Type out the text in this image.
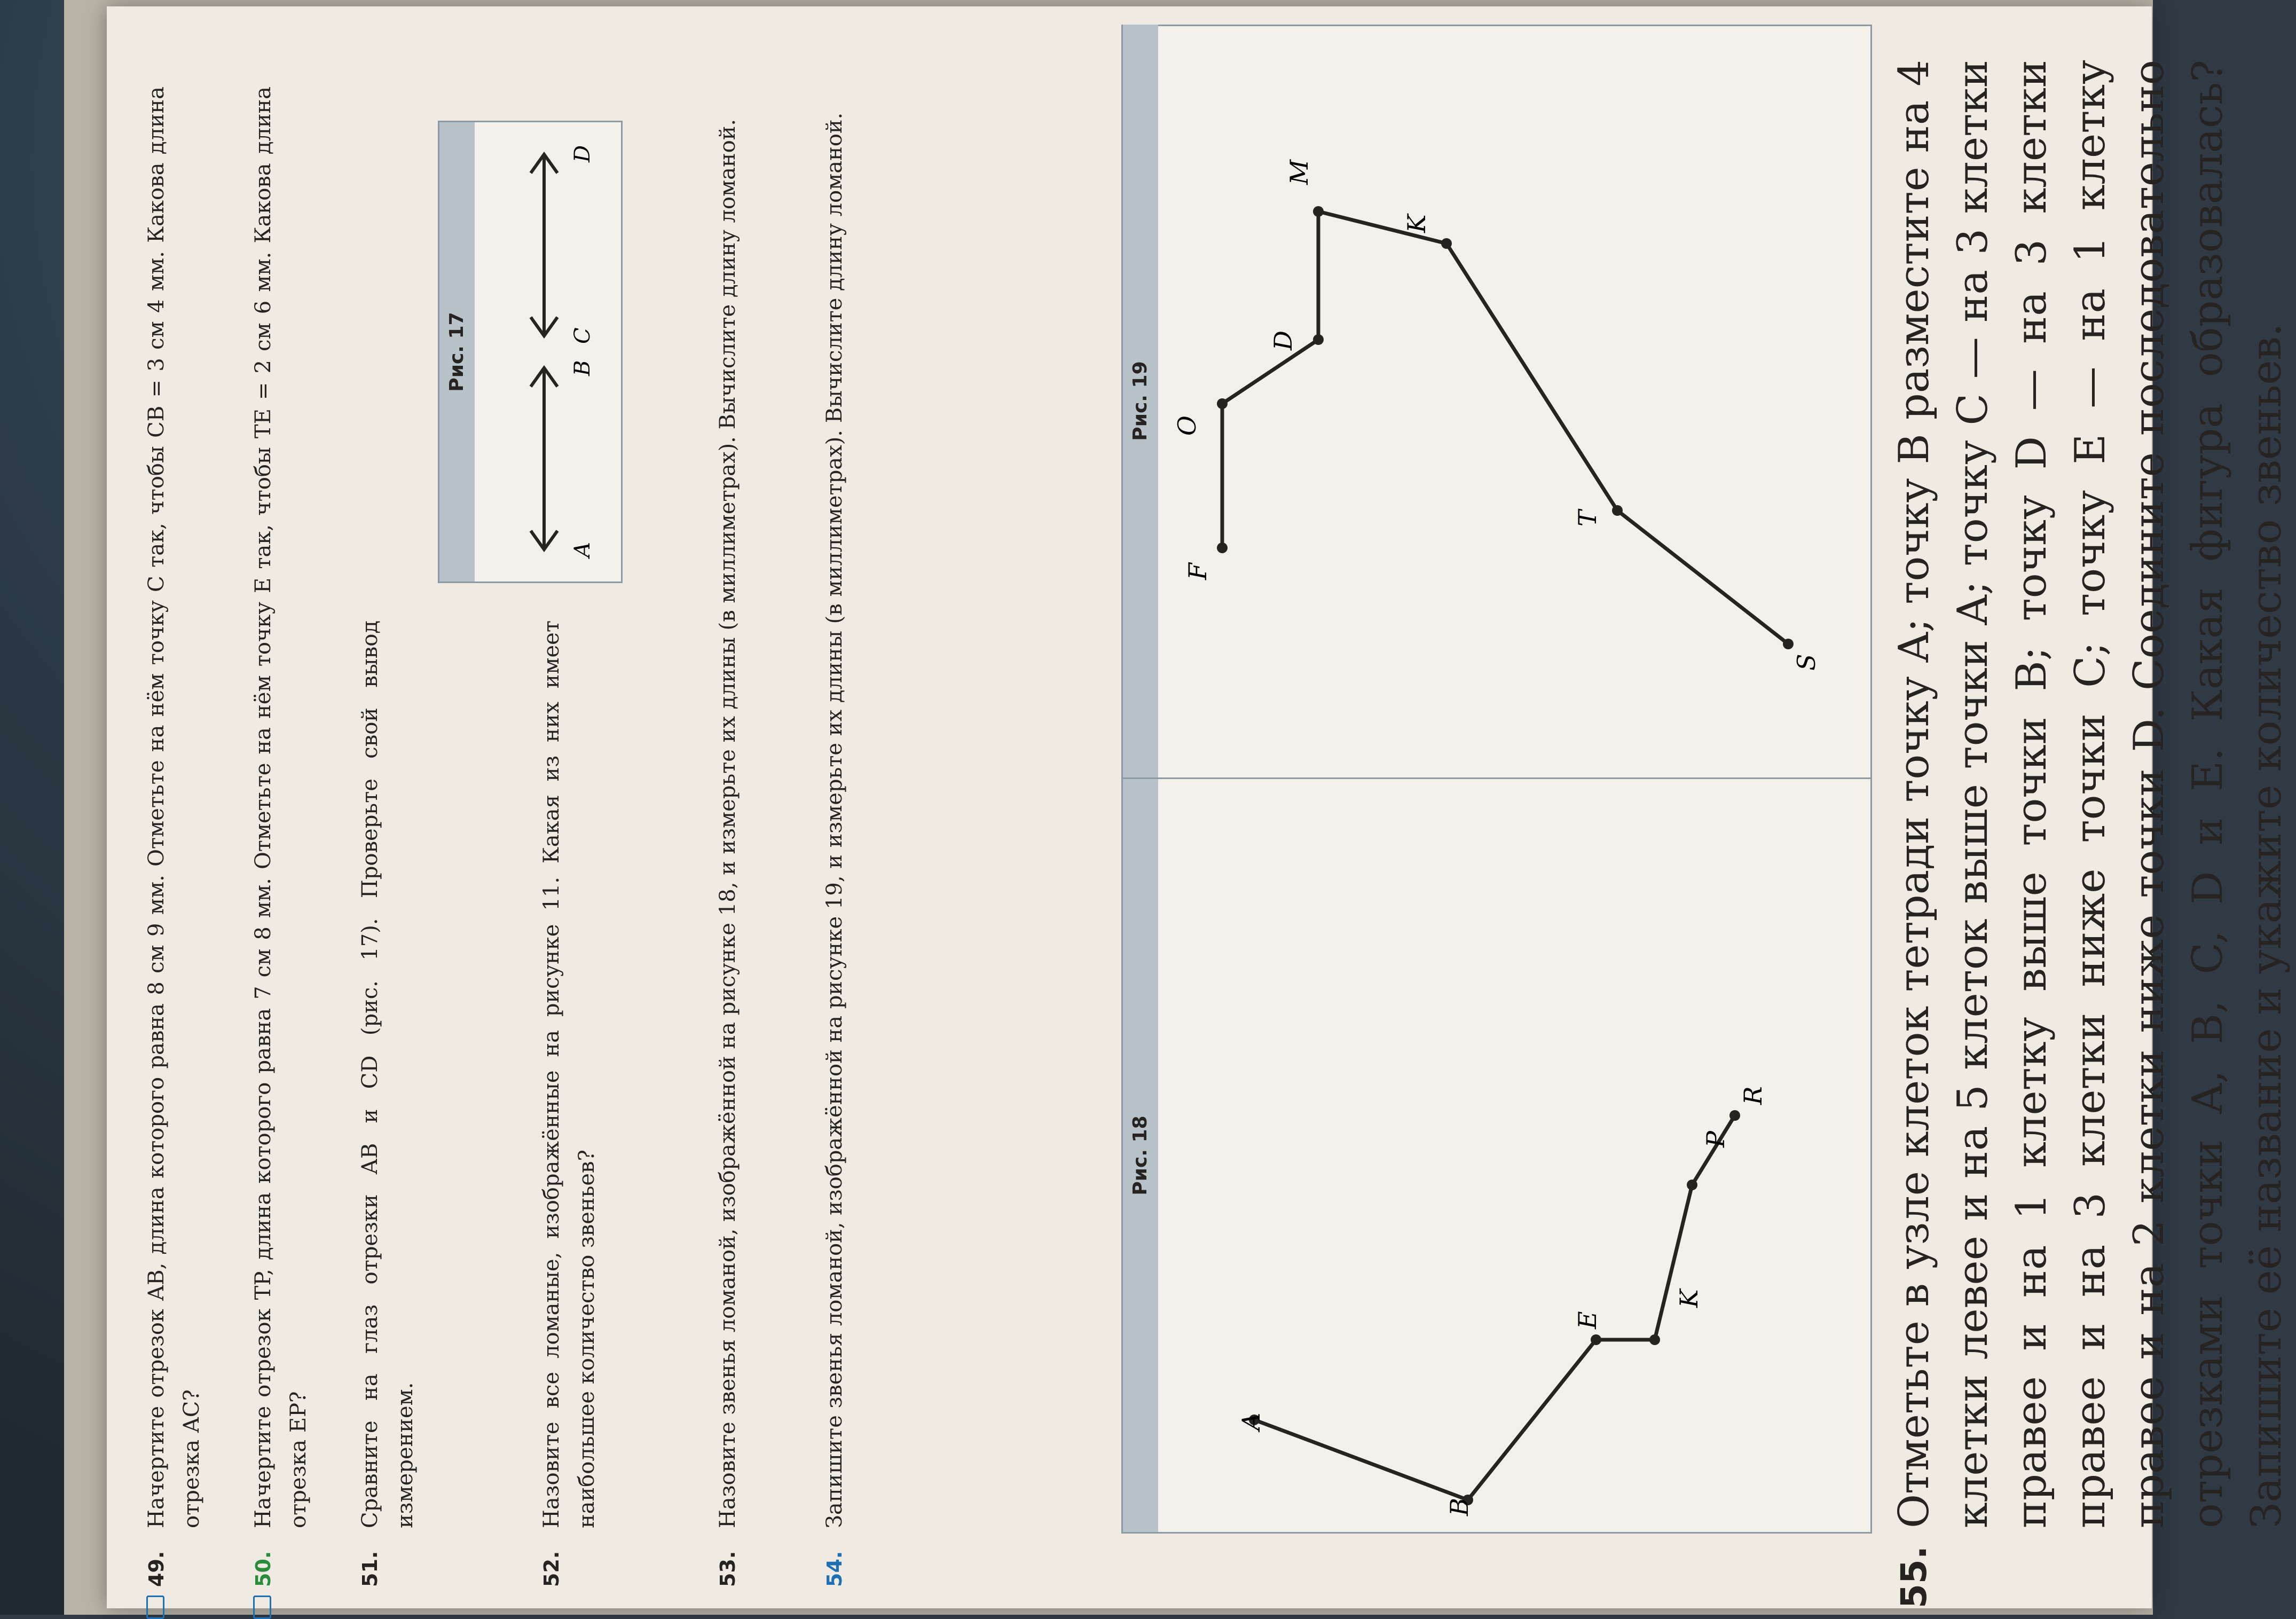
49.
Начертите отрезок AB, длина которого равна 8 см 9 мм. Отметьте на нём точку C так, чтобы CB = 3 см 4 мм. Какова длина отрезка AC?
50.
Начертите отрезок TP, длина которого равна 7 см 8 мм. Отметьте на нём точку E так, чтобы TE = 2 см 6 мм. Какова длина отрезка EP?
51.
Сравните на глаз отрезки AB и CD (рис. 17). Проверьте свой вывод измерением.
52.
Назовите все ломаные, изображённые на рисунке 11. Какая из них имеет наибольшее количество звеньев?
Рис. 17
A
B
C
D
53.
Назовите звенья ломаной, изображённой на рисунке 18, и измерьте их длины (в миллиметрах). Вычислите длину ломаной.
54.
Запишите звенья ломаной, изображённой на рисунке 19, и измерьте их длины (в миллиметрах). Вычислите длину ломаной.	Рис. 18
A
B
E
K
P
R
Рис. 19
S
T
K
M
D
O
F
55.
Отметьте в узле клеток тетради точку A; точку B разместите на 4 клетки левее и на 5 клеток выше точки A; точку C — на 3 клетки правее и на 1 клетку выше точки B; точку D — на 3 клетки правее и на 3 клетки ниже точки C; точку E — на 1 клетку правее и на 2 клетки ниже точки D. Соедините последовательно отрезками точки A, B, C, D и E. Какая фигура образовалась? Запишите её название и укажите количество звеньев.
